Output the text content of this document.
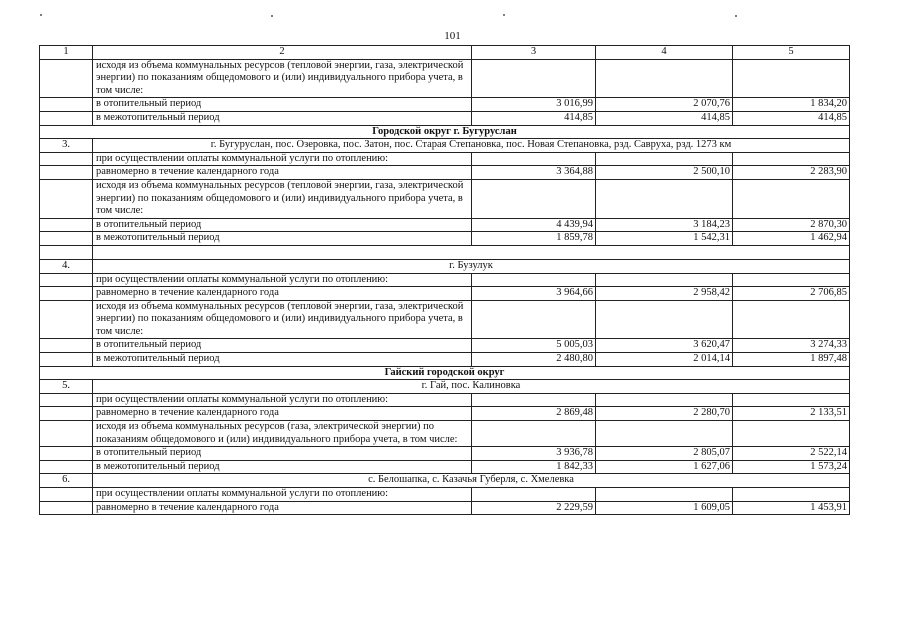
101
1	2	3	4	5
	исходя из объема коммунальных ресурсов (тепловой энергии, газа, электрической энергии) по показаниям общедомового и (или) индивидуального прибора учета, в том числе:			
	в отопительный период	3 016,99	2 070,76	1 834,20
	в межотопительный период	414,85	414,85	414,85
Городской округ г. Бугуруслан				
3.	г. Бугуруслан, пос. Озеровка, пос. Затон, пос. Старая Степановка, пос. Новая Степановка, рзд. Савруха, рзд. 1273 км			
	при осуществлении оплаты коммунальной услуги по отоплению:			
	равномерно в течение календарного года	3 364,88	2 500,10	2 283,90
	исходя из объема коммунальных ресурсов (тепловой энергии, газа, электрической энергии) по показаниям общедомового и (или) индивидуального прибора учета, в том числе:			
	в отопительный период	4 439,94	3 184,23	2 870,30
	в межотопительный период	1 859,78	1 542,31	1 462,94

4.	г. Бузулук			
	при осуществлении оплаты коммунальной услуги по отоплению:			
	равномерно в течение календарного года	3 964,66	2 958,42	2 706,85
	исходя из объема коммунальных ресурсов (тепловой энергии, газа, электрической энергии) по показаниям общедомового и (или) индивидуального прибора учета, в том числе:			
	в отопительный период	5 005,03	3 620,47	3 274,33
	в межотопительный период	2 480,80	2 014,14	1 897,48
Гайский городской округ				
5.	г. Гай, пос. Калиновка			
	при осуществлении оплаты коммунальной услуги по отоплению:			
	равномерно в течение календарного года	2 869,48	2 280,70	2 133,51
	исходя из объема коммунальных ресурсов (газа, электрической энергии) по показаниям общедомового и (или) индивидуального прибора учета, в том числе:			
	в отопительный период	3 936,78	2 805,07	2 522,14
	в межотопительный период	1 842,33	1 627,06	1 573,24
6.	с. Белошапка, с. Казачья Губерля, с. Хмелевка			
	при осуществлении оплаты коммунальной услуги по отоплению:			
	равномерно в течение календарного года	2 229,59	1 609,05	1 453,91
